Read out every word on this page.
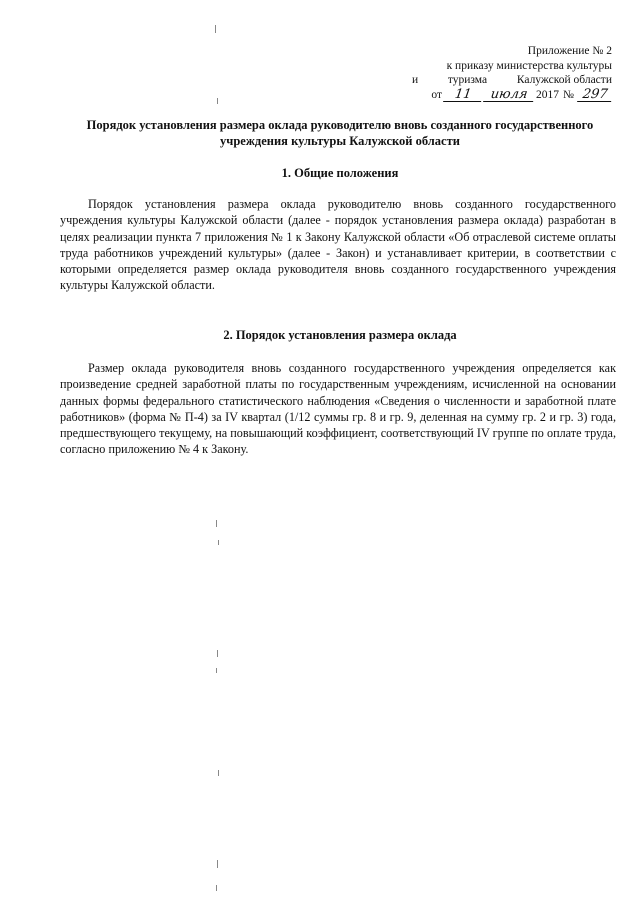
Приложение № 2
к приказу министерства культуры
и	туризма	Калужской области
от 11	июля 2017 № 297
Порядок установления размера оклада руководителю вновь созданного государственного учреждения культуры Калужской области
1. Общие положения
Порядок установления размера оклада руководителю вновь созданного государственного учреждения культуры Калужской области (далее - порядок установления размера оклада) разработан в целях реализации пункта 7 приложения № 1 к Закону Калужской области «Об отраслевой системе оплаты труда работников учреждений культуры» (далее - Закон) и устанавливает критерии, в соответствии с которыми определяется размер оклада руководителя вновь созданного государственного учреждения культуры Калужской области.
2. Порядок установления размера оклада
Размер оклада руководителя вновь созданного государственного учреждения определяется как произведение средней заработной платы по государственным учреждениям, исчисленной на основании данных формы федерального статистического наблюдения «Сведения о численности и заработной плате работников» (форма № П-4) за IV квартал (1/12 суммы гр. 8 и гр. 9, деленная на сумму гр. 2 и гр. 3) года, предшествующего текущему, на повышающий коэффициент, соответствующий IV группе по оплате труда, согласно приложению № 4 к Закону.
